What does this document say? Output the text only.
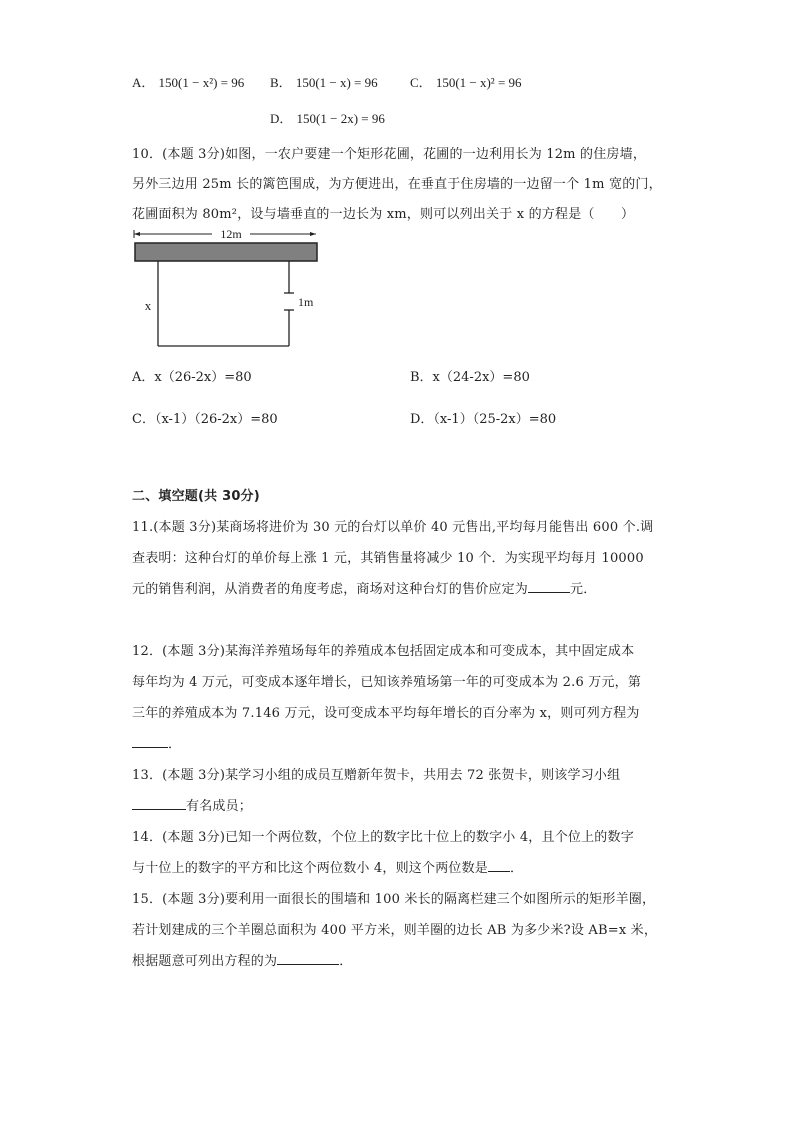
A． 150(1 − x²) = 96 B． 150(1 − x) = 96 C． 150(1 − x)² = 96
D． 150(1 − 2x) = 96
10．(本题 3分)如图，一农户要建一个矩形花圃，花圃的一边利用长为 12m 的住房墙，
另外三边用 25m 长的篱笆围成，为方便进出，在垂直于住房墙的一边留一个 1m 宽的门，
花圃面积为 80m²，设与墙垂直的一边长为 xm，则可以列出关于 x 的方程是（　　）
12m
x	1m
A．x（26-2x）=80	B．x（24-2x）=80
C．（x-1）（26-2x）=80	D．（x-1）（25-2x）=80
二、填空题(共 30分)
11.(本题 3分)某商场将进价为 30 元的台灯以单价 40 元售出,平均每月能售出 600 个.调
查表明：这种台灯的单价每上涨 1 元，其销售量将减少 10 个．为实现平均每月 10000
元的销售利润，从消费者的角度考虑，商场对这种台灯的售价应定为	元．
12．(本题 3分)某海洋养殖场每年的养殖成本包括固定成本和可变成本，其中固定成本
每年均为 4 万元，可变成本逐年增长，已知该养殖场第一年的可变成本为 2.6 万元，第
三年的养殖成本为 7.146 万元，设可变成本平均每年增长的百分率为 x，则可列方程为
．
13．(本题 3分)某学习小组的成员互赠新年贺卡，共用去 72 张贺卡，则该学习小组
有名成员；
14．(本题 3分)已知一个两位数，个位上的数字比十位上的数字小 4，且个位上的数字
与十位上的数字的平方和比这个两位数小 4，则这个两位数是 ．
15．(本题 3分)要利用一面很长的围墙和 100 米长的隔离栏建三个如图所示的矩形羊圈，
若计划建成的三个羊圈总面积为 400 平方米，则羊圈的边长 AB 为多少米?设 AB=x 米，
根据题意可列出方程的为	．
